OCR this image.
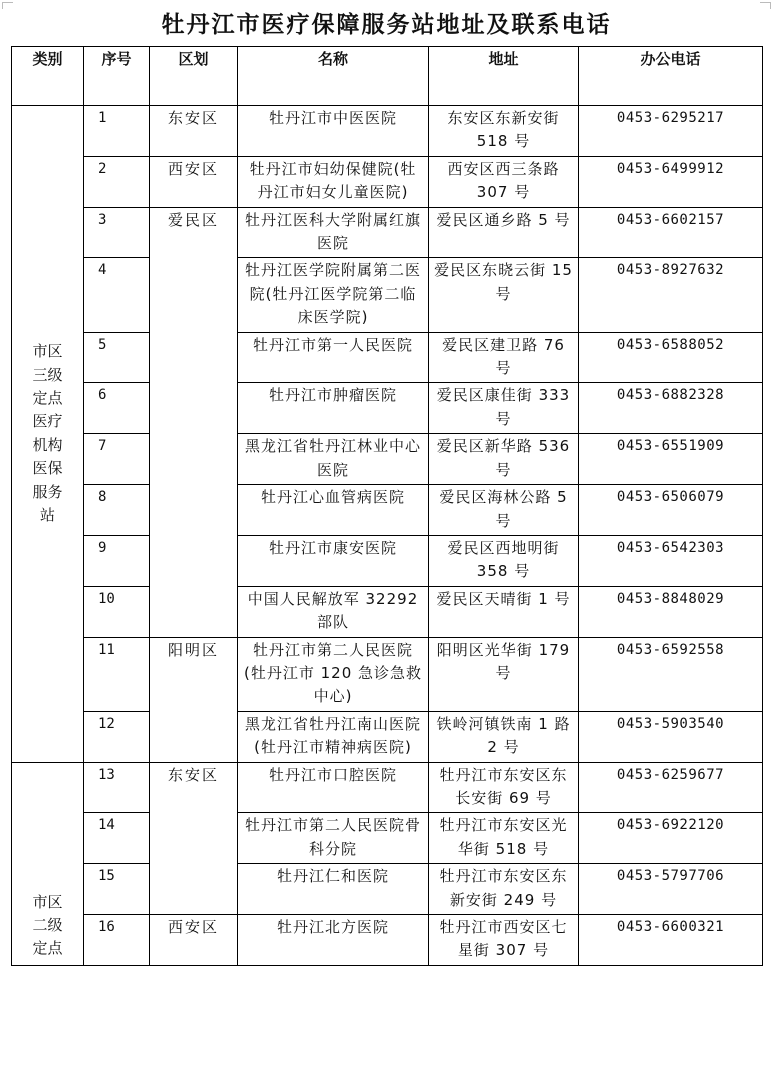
牡丹江市医疗保障服务站地址及联系电话
类别	序号	区划	名称	地址	办公电话

市区三级定点医疗机构医保服务站	1	东安区	牡丹江市中医医院	东安区东新安街 518 号	0453-6295217
	2	西安区	牡丹江市妇幼保健院(牡丹江市妇女儿童医院)	西安区西三条路 307 号	0453-6499912
	3	爱民区	牡丹江医科大学附属红旗医院	爱民区通乡路 5 号	0453-6602157
	4		牡丹江医学院附属第二医院(牡丹江医学院第二临床医学院)	爱民区东晓云街 15 号	0453-8927632
	5		牡丹江市第一人民医院	爱民区建卫路 76 号	0453-6588052
	6		牡丹江市肿瘤医院	爱民区康佳街 333 号	0453-6882328
	7		黑龙江省牡丹江林业中心医院	爱民区新华路 536 号	0453-6551909
	8		牡丹江心血管病医院	爱民区海林公路 5 号	0453-6506079
	9		牡丹江市康安医院	爱民区西地明街 358 号	0453-6542303
	10		中国人民解放军 32292 部队	爱民区天晴街 1 号	0453-8848029
	11	阳明区	牡丹江市第二人民医院(牡丹江市 120 急诊急救中心)	阳明区光华街 179 号	0453-6592558
	12		黑龙江省牡丹江南山医院(牡丹江市精神病医院)	铁岭河镇铁南 1 路 2 号	0453-5903540

市区二级定点	13	东安区	牡丹江市口腔医院	牡丹江市东安区东长安街 69 号	0453-6259677
	14		牡丹江市第二人民医院骨科分院	牡丹江市东安区光华街 518 号	0453-6922120
	15		牡丹江仁和医院	牡丹江市东安区东新安街 249 号	0453-5797706
	16	西安区	牡丹江北方医院	牡丹江市西安区七星街 307 号	0453-6600321
